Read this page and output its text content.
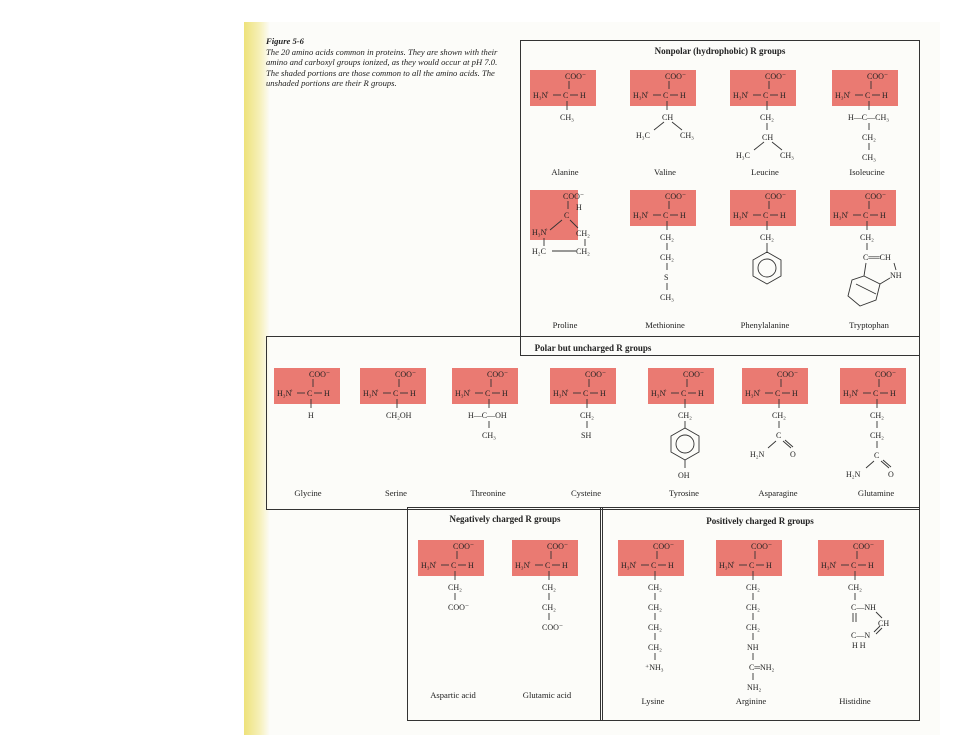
Figure 5-6
The 20 amino acids common in proteins. They are shown with their amino and carboxyl groups ionized, as they would occur at pH 7.0. The shaded portions are those common to all the amino acids. The unshaded portions are their R groups.
Nonpolar (hydrophobic) R groups
Polar but uncharged R groups
Negatively charged R groups	Positively charged R groups
COO⁻
H₃N̊ C H
CH₃
Alanine
COO⁻
H₃N̊ C H
CH
H₃C	CH₃
Valine
COO⁻
H₃N̊ C H
CH₂
CH
H₃C	CH₃
Leucine
COO⁻
H₃N̊ C H
H—C—CH₃
CH₂
CH₃
Isoleucine
COO⁻
C
H
H₃N̊	CH₂
H₂C	CH₂
Proline
COO⁻
H₃N̊ C H
CH₂
CH₂
S
CH₃
Methionine
COO⁻
H₃N̊ C H
CH₂
Phenylalanine
COO⁻
H₃N̊ C H
CH₂
C══CH
NH
Tryptophan
COO⁻
H₃N̊ C H
H
Glycine
COO⁻
H₃N̊ C H
CH₂OH
Serine
COO⁻
H₃N̊ C H
H—C—OH
CH₃
Threonine
COO⁻
H₃N̊ C H
CH₂
SH
Cysteine
COO⁻
H₃N̊ C H
CH₂
OH
Tyrosine
COO⁻
H₃N̊ C H
CH₂
C
H₂N	O
Asparagine
COO⁻
H₃N̊ C H
CH₂
CH₂
C
H₂N	O
Glutamine
COO⁻
H₃N̊ C H
CH₂
COO⁻
Aspartic acid
COO⁻
H₃N̊ C H
CH₂
CH₂
COO⁻
Glutamic acid
COO⁻
H₃N̊ C H
CH₂
CH₂
CH₂
CH₂
⁺NH₃
Lysine
COO⁻
H₃N̊ C H
CH₂
CH₂
CH₂
NH
C═NH₂
NH₂
Arginine
COO⁻
H₃N̊ C H
CH₂
C—NH
CH
C—N
H H
Histidine
